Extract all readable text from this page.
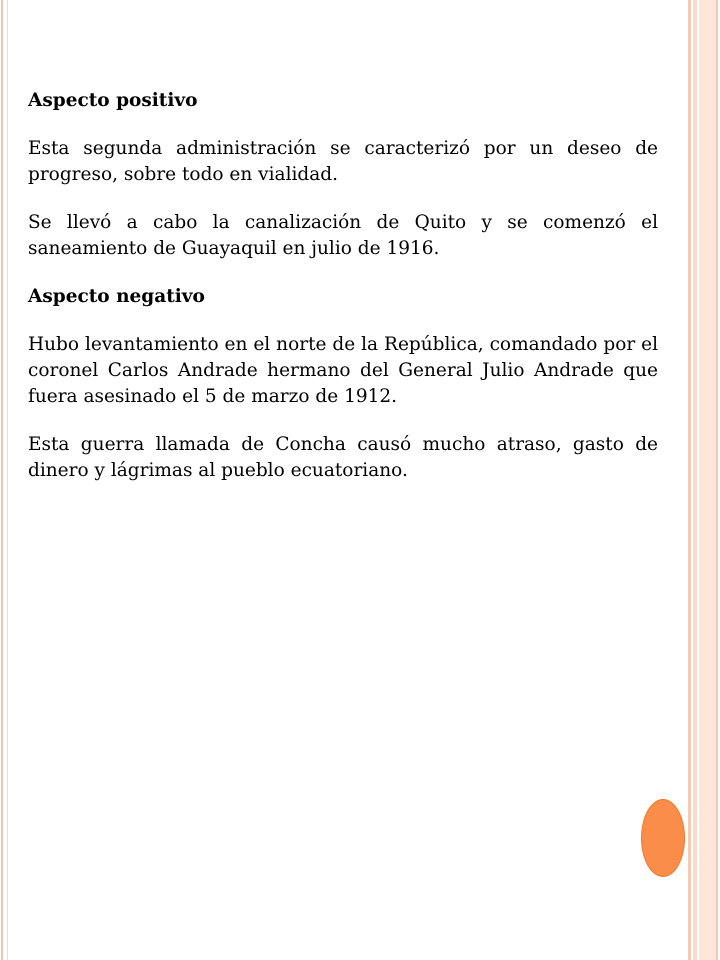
Aspecto positivo

Esta segunda administración se caracterizó por un deseo de progreso, sobre todo en vialidad.

Se llevó a cabo la canalización de Quito y se comenzó el saneamiento de Guayaquil en julio de 1916.

Aspecto negativo

Hubo levantamiento en el norte de la República, comandado por el coronel Carlos Andrade hermano del General Julio Andrade que fuera asesinado el 5 de marzo de 1912.

Esta guerra llamada de Concha causó mucho atraso, gasto de dinero y lágrimas al pueblo ecuatoriano.
